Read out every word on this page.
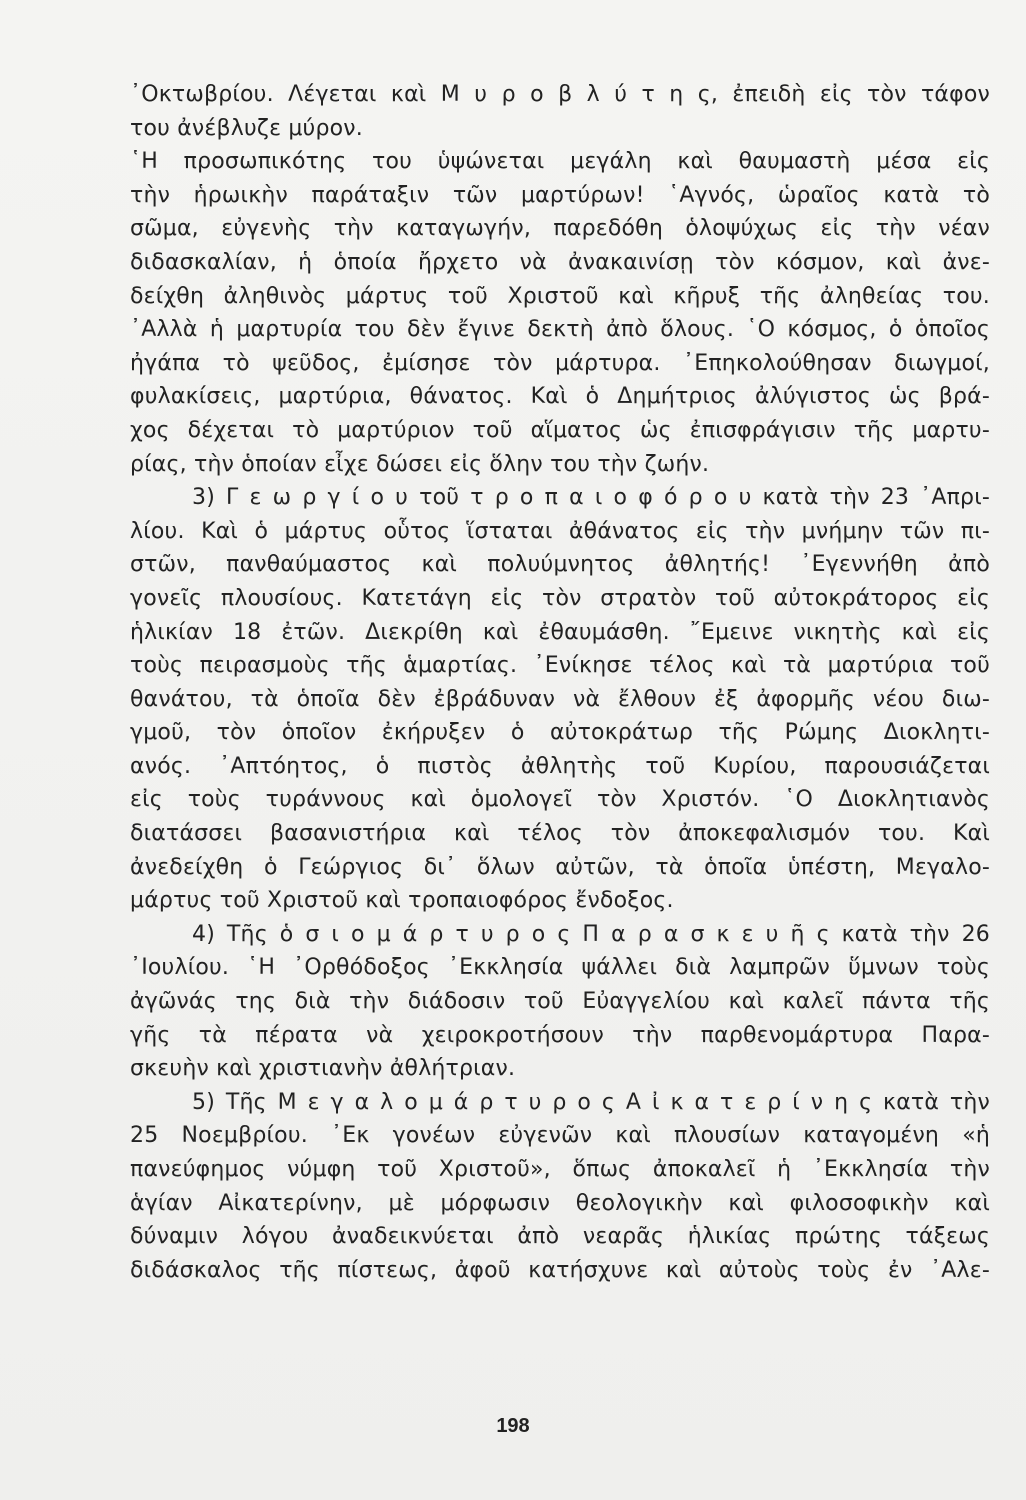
᾽Οκτωβρίου. Λέγεται καὶ Μ υ ρ ο β λ ύ τ η ς, ἐπειδὴ εἰς τὸν τάφον
του ἀνέβλυζε μύρον.
῾Η προσωπικότης του ὑψώνεται μεγάλη καὶ θαυμαστὴ μέσα εἰς
τὴν ἡρωικὴν παράταξιν τῶν μαρτύρων! ῾Αγνός, ὡραῖος κατὰ τὸ
σῶμα, εὐγενὴς τὴν καταγωγήν, παρεδόθη ὁλοψύχως εἰς τὴν νέαν
διδασκαλίαν, ἡ ὁποία ἤρχετο νὰ ἀνακαινίσῃ τὸν κόσμον, καὶ ἀνε-
δείχθη ἀληθινὸς μάρτυς τοῦ Χριστοῦ καὶ κῆρυξ τῆς ἀληθείας του.
᾽Αλλὰ ἡ μαρτυρία του δὲν ἔγινε δεκτὴ ἀπὸ ὅλους. ῾Ο κόσμος, ὁ ὁποῖος
ἠγάπα τὸ ψεῦδος, ἐμίσησε τὸν μάρτυρα. ᾽Επηκολούθησαν διωγμοί,
φυλακίσεις, μαρτύρια, θάνατος. Καὶ ὁ Δημήτριος ἀλύγιστος ὡς βρά-
χος δέχεται τὸ μαρτύριον τοῦ αἵματος ὡς ἐπισφράγισιν τῆς μαρτυ-
ρίας, τὴν ὁποίαν εἶχε δώσει εἰς ὅλην του τὴν ζωήν.
3) Γ ε ω ρ γ ί ο υ τοῦ τ ρ ο π α ι ο φ ό ρ ο υ κατὰ τὴν 23 ᾽Απρι-
λίου. Καὶ ὁ μάρτυς οὗτος ἵσταται ἀθάνατος εἰς τὴν μνήμην τῶν πι-
στῶν, πανθαύμαστος καὶ πολυύμνητος ἀθλητής! ᾽Εγεννήθη ἀπὸ
γονεῖς πλουσίους. Κατετάγη εἰς τὸν στρατὸν τοῦ αὐτοκράτορος εἰς
ἡλικίαν 18 ἐτῶν. Διεκρίθη καὶ ἐθαυμάσθη. ῎Εμεινε νικητὴς καὶ εἰς
τοὺς πειρασμοὺς τῆς ἁμαρτίας. ᾽Ενίκησε τέλος καὶ τὰ μαρτύρια τοῦ
θανάτου, τὰ ὁποῖα δὲν ἐβράδυναν νὰ ἔλθουν ἐξ ἀφορμῆς νέου διω-
γμοῦ, τὸν ὁποῖον ἐκήρυξεν ὁ αὐτοκράτωρ τῆς Ρώμης Διοκλητι-
ανός. ᾽Απτόητος, ὁ πιστὸς ἀθλητὴς τοῦ Κυρίου, παρουσιάζεται
εἰς τοὺς τυράννους καὶ ὁμολογεῖ τὸν Χριστόν. ῾Ο Διοκλητιανὸς
διατάσσει βασανιστήρια καὶ τέλος τὸν ἀποκεφαλισμόν του. Καὶ
ἀνεδείχθη ὁ Γεώργιος δι᾽ ὅλων αὐτῶν, τὰ ὁποῖα ὑπέστη, Μεγαλο-
μάρτυς τοῦ Χριστοῦ καὶ τροπαιοφόρος ἔνδοξος.
4) Τῆς ὁ σ ι ο μ ά ρ τ υ ρ ο ς Π α ρ α σ κ ε υ ῆ ς κατὰ τὴν 26
᾽Ιουλίου. ῾Η ᾽Ορθόδοξος ᾽Εκκλησία ψάλλει διὰ λαμπρῶν ὕμνων τοὺς
ἀγῶνάς της διὰ τὴν διάδοσιν τοῦ Εὐαγγελίου καὶ καλεῖ πάντα τῆς
γῆς τὰ πέρατα νὰ χειροκροτήσουν τὴν παρθενομάρτυρα Παρα-
σκευὴν καὶ χριστιανὴν ἀθλήτριαν.
5) Τῆς Μ ε γ α λ ο μ ά ρ τ υ ρ ο ς Α ἰ κ α τ ε ρ ί ν η ς κατὰ τὴν
25 Νοεμβρίου. ᾽Εκ γονέων εὐγενῶν καὶ πλουσίων καταγομένη «ἡ
πανεύφημος νύμφη τοῦ Χριστοῦ», ὅπως ἀποκαλεῖ ἡ ᾽Εκκλησία τὴν
ἁγίαν Αἰκατερίνην, μὲ μόρφωσιν θεολογικὴν καὶ φιλοσοφικὴν καὶ
δύναμιν λόγου ἀναδεικνύεται ἀπὸ νεαρᾶς ἡλικίας πρώτης τάξεως
διδάσκαλος τῆς πίστεως, ἀφοῦ κατήσχυνε καὶ αὐτοὺς τοὺς ἐν ᾽Αλε-
198
